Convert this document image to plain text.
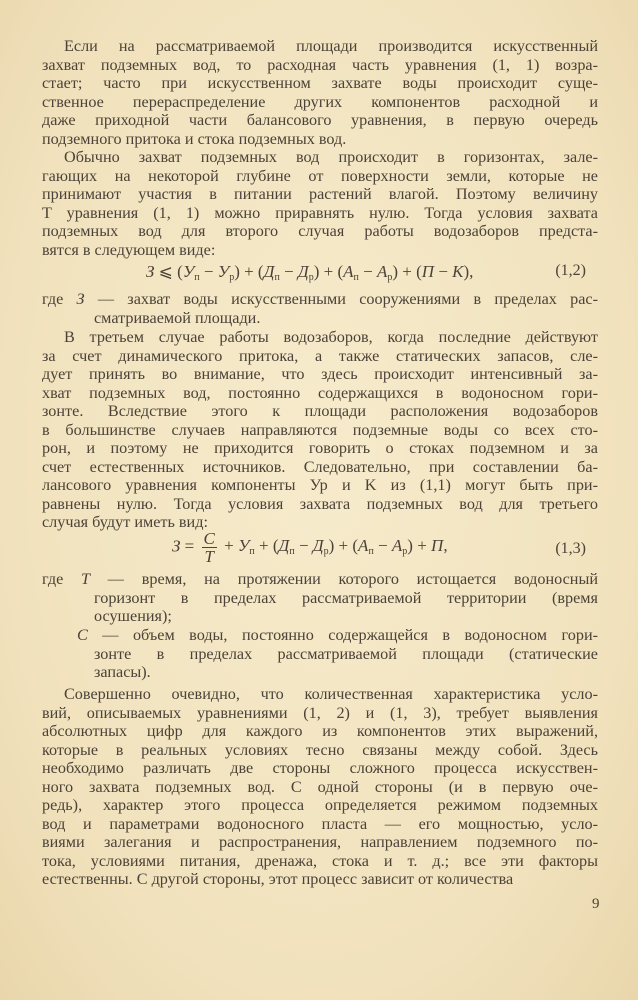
Если на рассматриваемой площади производится искусственный
захват подземных вод, то расходная часть уравнения (1, 1) возра-
стает; часто при искусственном захвате воды происходит суще-
ственное перераспределение других компонентов расходной и
даже приходной части балансового уравнения, в первую очередь
подземного притока и стока подземных вод.
Обычно захват подземных вод происходит в горизонтах, зале-
гающих на некоторой глубине от поверхности земли, которые не
принимают участия в питании растений влагой. Поэтому величину
T уравнения (1, 1) можно приравнять нулю. Тогда условия захвата
подземных вод для второго случая работы водозаборов предста-
вятся в следующем виде:
З ⩽ $(У_п - У_р) + (Д_п - Д_р) + (А_п - А_р) + (П - К)$,	(1,2)
где З — захват воды искусственными сооружениями в пределах рас-
сматриваемой площади.
В третьем случае работы водозаборов, когда последние действуют
за счет динамического притока, а также статических запасов, сле-
дует принять во внимание, что здесь происходит интенсивный за-
хват подземных вод, постоянно содержащихся в водоносном гори-
зонте. Вследствие этого к площади расположения водозаборов
в большинстве случаев направляются подземные воды со всех сто-
рон, и поэтому не приходится говорить о стоках подземном и за
счет естественных источников. Следовательно, при составлении ба-
лансового уравнения компоненты Ур и K из (1,1) могут быть при-
равнены нулю. Тогда условия захвата подземных вод для третьего
случая будут иметь вид:
$З = \frac{C}{T} + У_п + (Д_п - Д_р) + (А_п - А_р) + П$,	(1,3)
где T — время, на протяжении которого истощается водоносный
горизонт в пределах рассматриваемой территории (время
осушения);
C — объем воды, постоянно содержащейся в водоносном гори-
зонте в пределах рассматриваемой площади (статические
запасы).
Совершенно очевидно, что количественная характеристика усло-
вий, описываемых уравнениями (1, 2) и (1, 3), требует выявления
абсолютных цифр для каждого из компонентов этих выражений,
которые в реальных условиях тесно связаны между собой. Здесь
необходимо различать две стороны сложного процесса искусствен-
ного захвата подземных вод. С одной стороны (и в первую оче-
редь), характер этого процесса определяется режимом подземных
вод и параметрами водоносного пласта — его мощностью, усло-
виями залегания и распространения, направлением подземного по-
тока, условиями питания, дренажа, стока и т. д.; все эти факторы
естественны. С другой стороны, этот процесс зависит от количества
9
